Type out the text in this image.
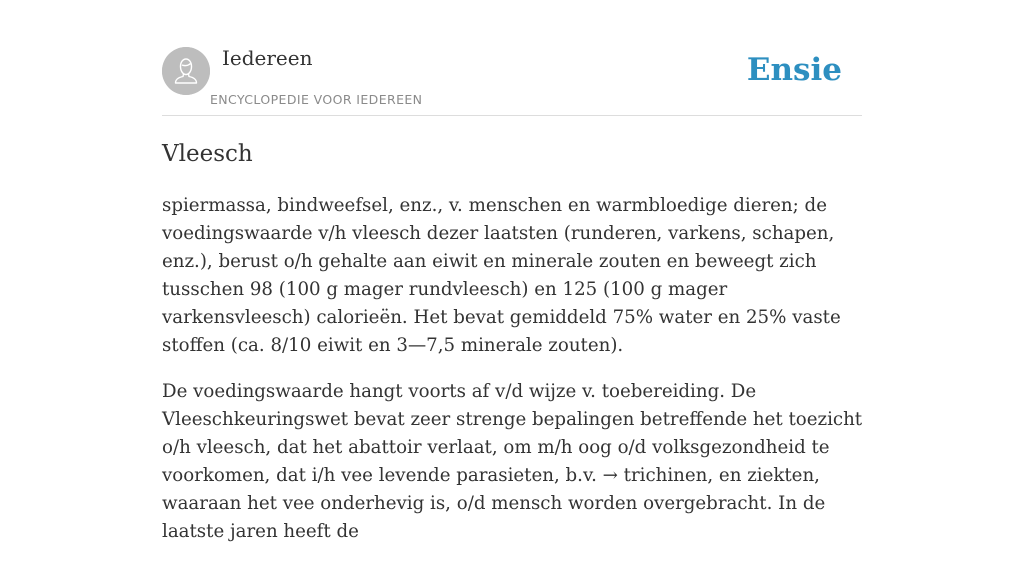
Iedereen
ENCYCLOPEDIE VOOR IEDEREEN
Ensie
Vleesch

spiermassa, bindweefsel, enz., v. menschen en warmbloedige dieren; de voedingswaarde v/h vleesch dezer laatsten (runderen, varkens, schapen, enz.), berust o/h gehalte aan eiwit en minerale zouten en beweegt zich tusschen 98 (100 g mager rundvleesch) en 125 (100 g mager varkensvleesch) calorieën. Het bevat gemiddeld 75% water en 25% vaste stoffen (ca. 8/10 eiwit en 3—7,5 minerale zouten).

De voedingswaarde hangt voorts af v/d wijze v. toebereiding. De Vleeschkeuringswet bevat zeer strenge bepalingen betreffende het toezicht o/h vleesch, dat het abattoir verlaat, om m/h oog o/d volksgezondheid te voorkomen, dat i/h vee levende parasieten, b.v. → trichinen, en ziekten, waaraan het vee onderhevig is, o/d mensch worden overgebracht. In de laatste jaren heeft de
